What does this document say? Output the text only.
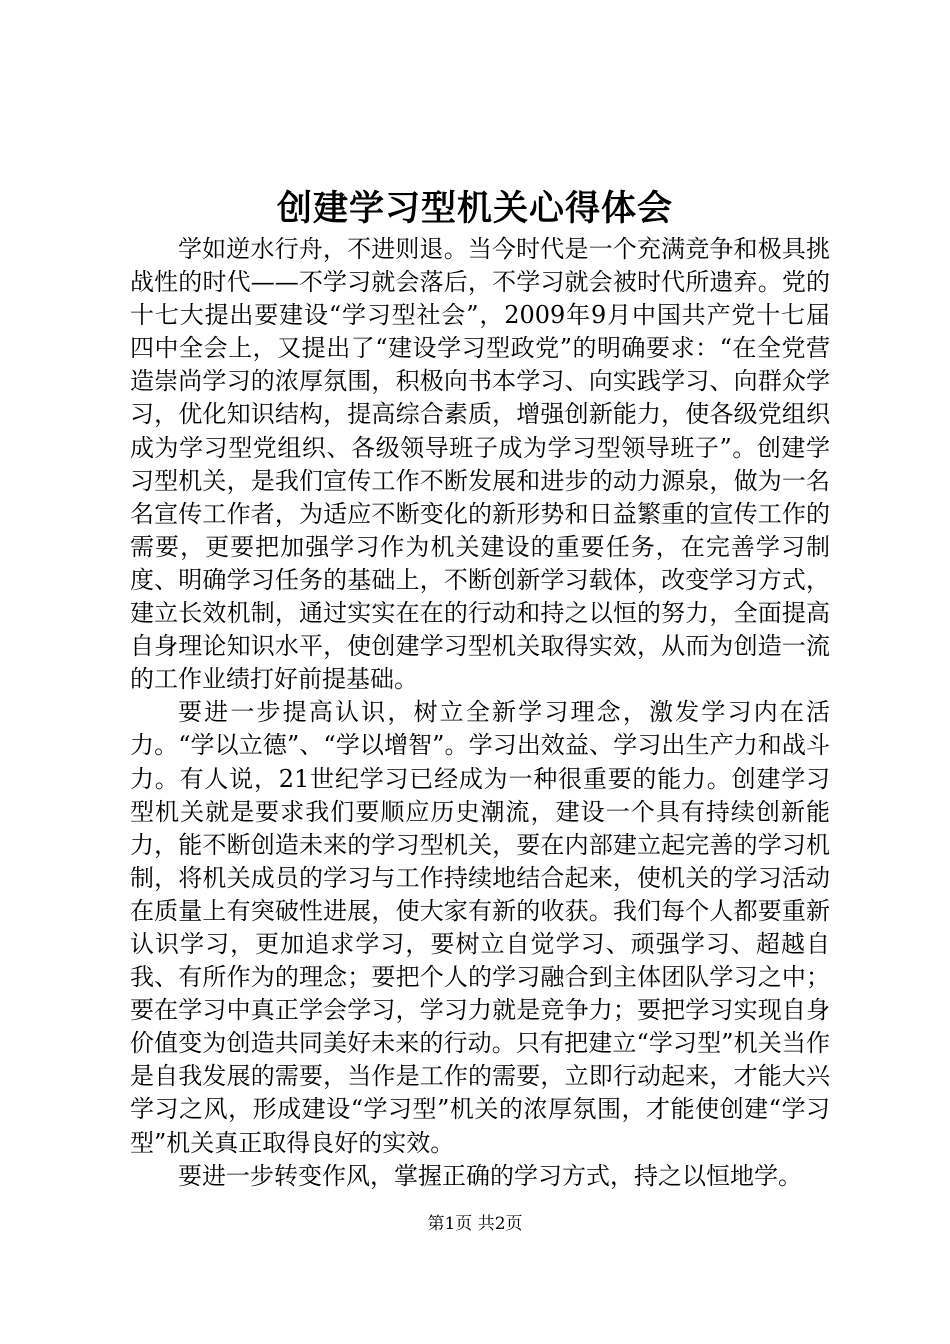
创建学习型机关心得体会

学如逆水行舟，不进则退。当今时代是一个充满竞争和极具挑战性的时代——不学习就会落后，不学习就会被时代所遗弃。党的十七大提出要建设“学习型社会”，2009年9月中国共产党十七届四中全会上，又提出了“建设学习型政党”的明确要求：“在全党营造崇尚学习的浓厚氛围，积极向书本学习、向实践学习、向群众学习，优化知识结构，提高综合素质，增强创新能力，使各级党组织成为学习型党组织、各级领导班子成为学习型领导班子”。创建学习型机关，是我们宣传工作不断发展和进步的动力源泉，做为一名名宣传工作者，为适应不断变化的新形势和日益繁重的宣传工作的需要，更要把加强学习作为机关建设的重要任务，在完善学习制度、明确学习任务的基础上，不断创新学习载体，改变学习方式，建立长效机制，通过实实在在的行动和持之以恒的努力，全面提高自身理论知识水平，使创建学习型机关取得实效，从而为创造一流的工作业绩打好前提基础。

要进一步提高认识，树立全新学习理念，激发学习内在活力。“学以立德”、“学以增智”。学习出效益、学习出生产力和战斗力。有人说，21世纪学习已经成为一种很重要的能力。创建学习型机关就是要求我们要顺应历史潮流，建设一个具有持续创新能力，能不断创造未来的学习型机关，要在内部建立起完善的学习机制，将机关成员的学习与工作持续地结合起来，使机关的学习活动在质量上有突破性进展，使大家有新的收获。我们每个人都要重新认识学习，更加追求学习，要树立自觉学习、顽强学习、超越自我、有所作为的理念；要把个人的学习融合到主体团队学习之中；要在学习中真正学会学习，学习力就是竞争力；要把学习实现自身价值变为创造共同美好未来的行动。只有把建立“学习型”机关当作是自我发展的需要，当作是工作的需要，立即行动起来，才能大兴学习之风，形成建设“学习型”机关的浓厚氛围，才能使创建“学习型”机关真正取得良好的实效。

要进一步转变作风，掌握正确的学习方式，持之以恒地学。

第1页 共2页
